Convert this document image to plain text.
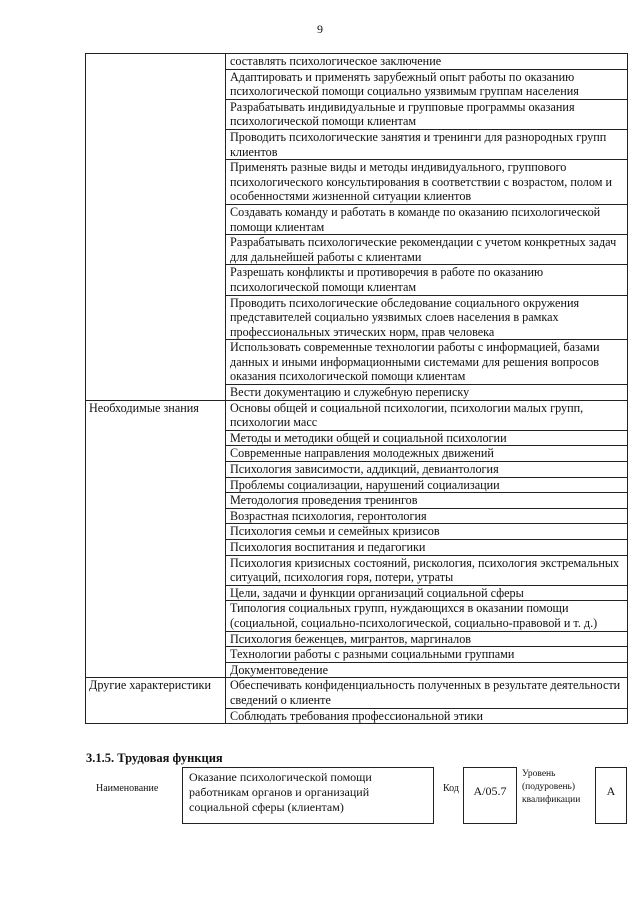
9
	составлять психологическое заключение
	Адаптировать и применять зарубежный опыт работы по оказанию психологической помощи социально уязвимым группам населения
	Разрабатывать индивидуальные и групповые программы оказания психологической помощи клиентам
	Проводить психологические занятия и тренинги для разнородных групп клиентов
	Применять разные виды и методы индивидуального, группового психологического консультирования в соответствии с возрастом, полом и особенностями жизненной ситуации клиентов
	Создавать команду и работать в команде по оказанию психологической помощи клиентам
	Разрабатывать психологические рекомендации с учетом конкретных задач для дальнейшей работы с клиентами
	Разрешать конфликты и противоречия в работе по оказанию психологической помощи клиентам
	Проводить психологические обследование социального окружения представителей социально уязвимых слоев населения в рамках профессиональных этических норм, прав человека
	Использовать современные технологии работы с информацией, базами данных и иными информационными системами для решения вопросов оказания психологической помощи клиентам
	Вести документацию и служебную переписку
Необходимые знания	Основы общей и социальной психологии, психологии малых групп, психологии масс
	Методы и методики общей и социальной психологии
	Современные направления молодежных движений
	Психология зависимости, аддикций, девиантология
	Проблемы социализации, нарушений социализации
	Методология проведения тренингов
	Возрастная психология, геронтология
	Психология семьи и семейных кризисов
	Психология воспитания и педагогики
	Психология кризисных состояний, рискология, психология экстремальных ситуаций, психология горя, потери, утраты
	Цели, задачи и функции организаций социальной сферы
	Типология социальных групп, нуждающихся в оказании помощи (социальной, социально-психологической, социально-правовой и т. д.)
	Психология беженцев, мигрантов, маргиналов
	Технологии работы с разными социальными группами
	Документоведение
Другие характеристики	Обеспечивать конфиденциальность полученных в результате деятельности сведений о клиенте
	Соблюдать требования профессиональной этики
3.1.5. Трудовая функция
Наименование
Оказание психологической помощи работникам органов и организаций социальной сферы (клиентам)
Код	А/05.7
Уровень (подуровень) квалификации
А
